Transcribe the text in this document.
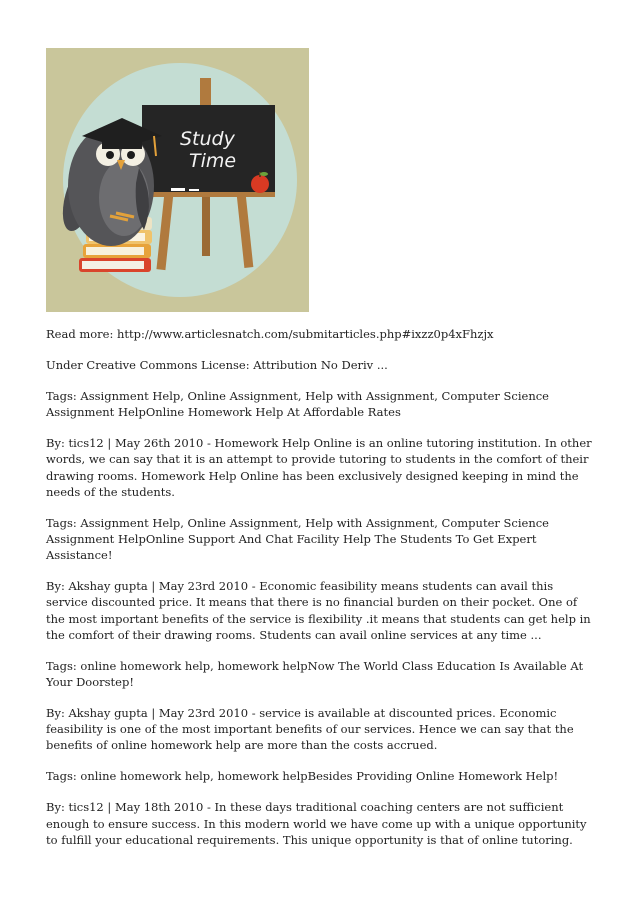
Study
Time

Read more: http://www.articlesnatch.com/submitarticles.php#ixzz0p4xFhzjx

Under Creative Commons License: Attribution No Deriv ...

Tags: Assignment Help, Online Assignment, Help with Assignment, Computer Science Assignment HelpOnline Homework Help At Affordable Rates

By: tics12 | May 26th 2010 - Homework Help Online is an online tutoring institution. In other words, we can say that it is an attempt to provide tutoring to students in the comfort of their drawing rooms. Homework Help Online has been exclusively designed keeping in mind the needs of the students.

Tags: Assignment Help, Online Assignment, Help with Assignment, Computer Science Assignment HelpOnline Support And Chat Facility Help The Students To Get Expert Assistance!

By: Akshay gupta | May 23rd 2010 - Economic feasibility means students can avail this service discounted price. It means that there is no financial burden on their pocket. One of the most important benefits of the service is flexibility .it means that students can get help in the comfort of their drawing rooms. Students can avail online services at any time ...

Tags: online homework help, homework helpNow The World Class Education Is Available At Your Doorstep!

By: Akshay gupta | May 23rd 2010 - service is available at discounted prices. Economic feasibility is one of the most important benefits of our services. Hence we can say that the benefits of online homework help are more than the costs accrued.

Tags: online homework help, homework helpBesides Providing Online Homework Help!

By: tics12 | May 18th 2010 - In these days traditional coaching centers are not sufficient enough to ensure success. In this modern world we have come up with a unique opportunity to fulfill your educational requirements. This unique opportunity is that of online tutoring.
